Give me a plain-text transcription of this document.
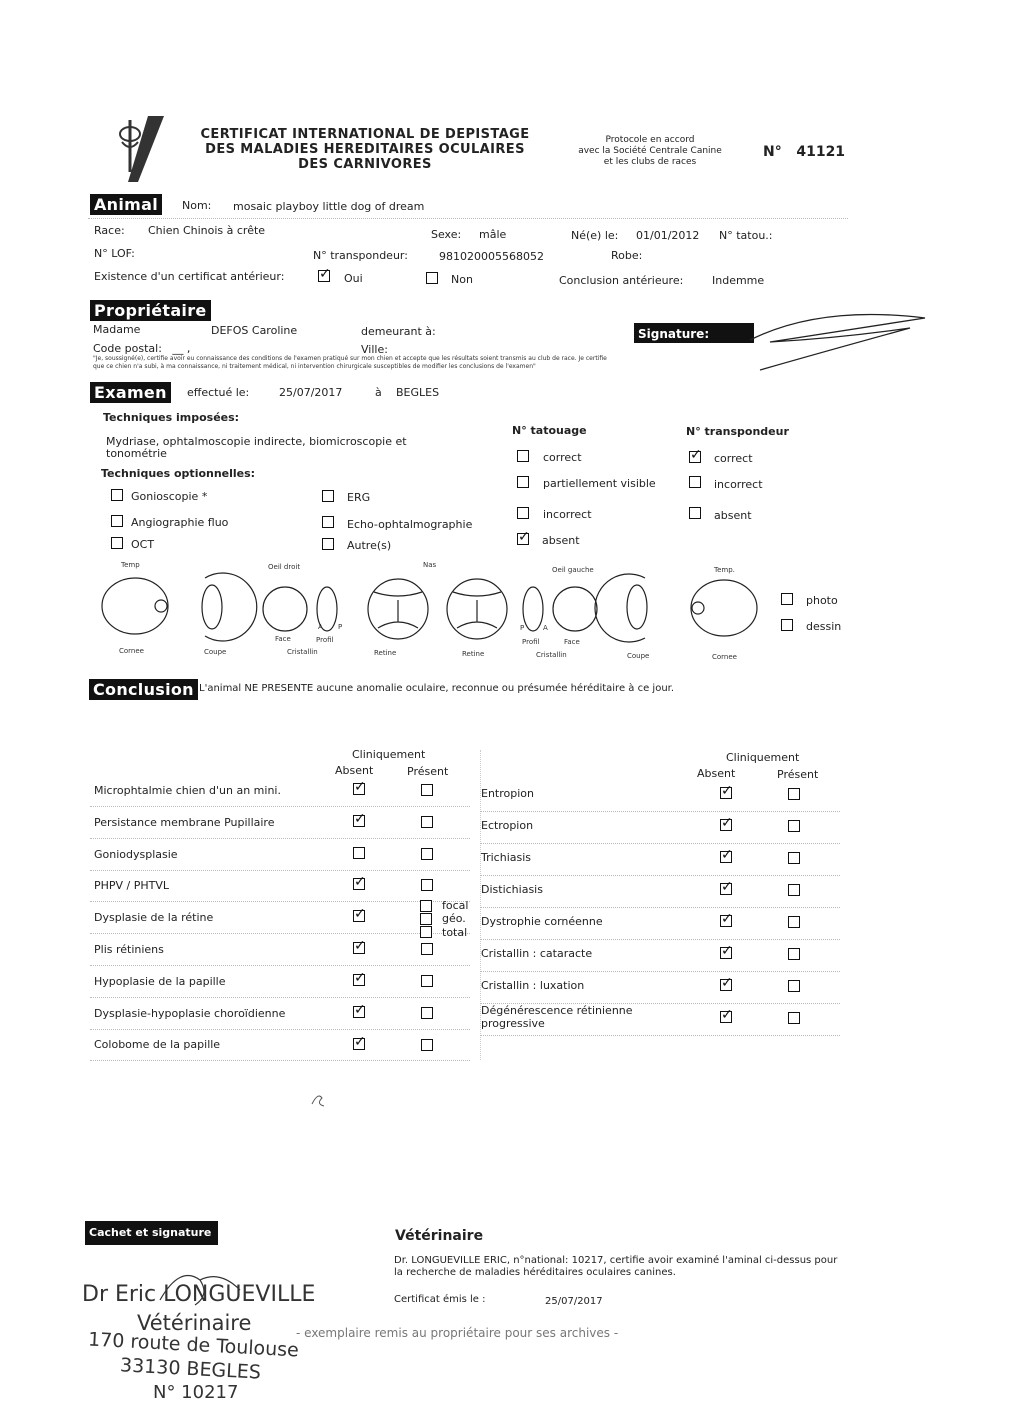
CERTIFICAT INTERNATIONAL DE DEPISTAGE
DES MALADIES HEREDITAIRES OCULAIRES
DES CARNIVORES
Protocole en accord
avec la Société Centrale Canine
et les clubs de races
N° 41121
Animal	Nom: mosaic playboy little dog of dream
Race: Chien Chinois à crête	Sexe: mâle	Né(e) le: 01/01/2012 N° tatou.:
N° LOF:	N° transpondeur:	981020005568052	Robe:
Existence d'un certificat antérieur:
✓	Oui	Non	Conclusion antérieure:	Indemme
Propriétaire
Madame	DEFOS Caroline	demeurant à:	Signature:
Code postal: __ ,	Ville:
"Je, soussigné(e), certifie avoir eu connaissance des conditions de l'examen pratiqué sur mon chien et accepte que les résultats soient transmis au club de race. Je certifie
que ce chien n'a subi, à ma connaissance, ni traitement médical, ni intervention chirurgicale susceptibles de modifier les conclusions de l'examen"
Examen	effectué le:	25/07/2017	à BEGLES
Techniques imposées:
Mydriase, ophtalmoscopie indirecte, biomicroscopie et
tonométrie
Techniques optionnelles:
Gonioscopie *
Angiographie fluo
OCT
ERG
Echo-ophtalmographie
Autre(s)
N° tatouage
correct
partiellement visible
incorrect
✓
absent
N° transpondeur
✓
correct
incorrect
absent
Temp	Oeil droit	Nas
Oeil gauche	Temp.
A P	P	A
Face	Profil	Profil	Face
Cornee	Coupe	Cristallin	Retine	Retine	Cristallin	Coupe	Cornee
photo
dessin
Conclusion L'animal NE PRESENTE aucune anomalie oculaire, reconnue ou présumée héréditaire à ce jour.
Cliniquement
Absent	Présent
Cliniquement
Absent	Présent
Microphtalmie chien d'un an mini.
✓
Persistance membrane Pupillaire
✓
Goniodysplasie
PHPV / PHTVL
✓
Dysplasie de la rétine
✓
Plis rétiniens
✓
Hypoplasie de la papille
✓
Dysplasie-hypoplasie choroïdienne
✓
Colobome de la papille
✓
Entropion
✓
Ectropion
✓
Trichiasis
✓
Distichiasis
✓
Dystrophie cornéenne
✓
Cristallin : cataracte
✓
Cristallin : luxation
✓
Dégénérescence rétinienne progressive
✓
focal
géo.
total
Cachet et signature	Vétérinaire
Dr. LONGUEVILLE ERIC, n°national: 10217, certifie avoir examiné l'aminal ci-dessus pour
la recherche de maladies héréditaires oculaires canines.
Certificat émis le :	25/07/2017
- exemplaire remis au propriétaire pour ses archives -
Dr Eric LONGUEVILLE
Vétérinaire
170 route de Toulouse
33130 BEGLES
N° 10217
